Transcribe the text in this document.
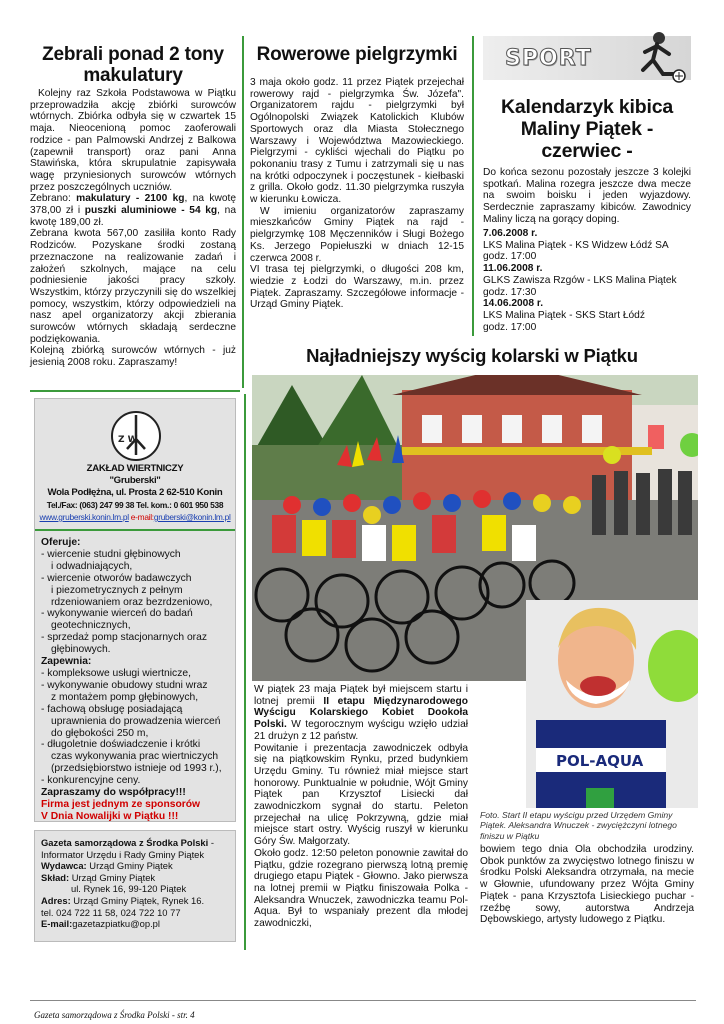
Zebrali ponad 2 tony makulatury

Kolejny raz Szkoła Podstawowa w Piątku przeprowadziła akcję zbiórki surowców wtórnych. Zbiórka odbyła się w czwartek 15 maja. Nieocenioną pomoc zaoferowali rodzice - pan Palmowski Andrzej z Balkowa (zapewnił transport) oraz pani Anna Stawińska, która skrupulatnie zapisywała wagę przyniesionych surowców wtórnych przez poszczególnych uczniów.

Zebrano: makulatury - 2100 kg, na kwotę 378,00 zł i puszki aluminiowe - 54 kg, na kwotę 189,00 zł.

Zebrana kwota 567,00 zasiliła konto Rady Rodziców. Pozyskane środki zostaną przeznaczone na realizowanie zadań i założeń szkolnych, mające na celu podniesienie jakości pracy szkoły. Wszystkim, którzy przyczynili się do wszelkiej pomocy, wszystkim, którzy odpowiedzieli na nasz apel organizatorzy akcji zbierania surowców wtórnych składają serdeczne podziękowania.

Kolejną zbiórką surowców wtórnych - już jesienią 2008 roku. Zapraszamy!

Rowerowe pielgrzymki

3 maja około godz. 11 przez Piątek przejechał rowerowy rajd - pielgrzymka Św. Józefa". Organizatorem rajdu - pielgrzymki był Ogólnopolski Związek Katolickich Klubów Sportowych oraz dla Miasta Stołecznego Warszawy i Województwa Mazowieckiego. Pielgrzymi - cykliści wjechali do Piątku po pokonaniu trasy z Tumu i zatrzymali się u nas na krótki odpoczynek i poczęstunek - kiełbaski z grilla. Około godz. 11.30 pielgrzymka ruszyła w kierunku Łowicza.

W imieniu organizatorów zapraszamy mieszkańców Gminy Piątek na rajd - pielgrzymkę 108 Męczenników i Sługi Bożego Ks. Jerzego Popiełuszki w dniach 12-15 czerwca 2008 r.

VI trasa tej pielgrzymki, o długości 208 km, wiedzie z Łodzi do Warszawy, m.in. przez Piątek. Zapraszamy. Szczegółowe informacje - Urząd Gminy Piątek.

SPORT
Kalendarzyk kibica Maliny Piątek - czerwiec -
Do końca sezonu pozostały jeszcze 3 kolejki spotkań. Malina rozegra jeszcze dwa mecze na swoim boisku i jeden wyjazdowy. Serdecznie zapraszamy kibiców. Zawodnicy Maliny liczą na gorący doping.
7.06.2008 r.
LKS Malina Piątek - KS Widzew Łódź SA
godz. 17:00
11.06.2008 r.
GLKS Zawisza Rzgów - LKS Malina Piątek
godz. 17:30
14.06.2008 r.
LKS Malina Piątek - SKS Start Łódź
godz. 17:00
Najładniejszy wyścig kolarski w Piątku
POL-AQUA

W piątek 23 maja Piątek był miejscem startu i lotnej premii II etapu Międzynarodowego Wyścigu Kolarskiego Kobiet Dookoła Polski. W tegorocznym wyścigu wzięło udział 21 drużyn z 12 państw.

Powitanie i prezentacja zawodniczek odbyła się na piątkowskim Rynku, przed budynkiem Urzędu Gminy. Tu również miał miejsce start honorowy. Punktualnie w południe, Wójt Gminy Piątek pan Krzysztof Lisiecki dał zawodniczkom sygnał do startu. Peleton przejechał na ulicę Pokrzywną, gdzie miał miejsce start ostry. Wyścig ruszył w kierunku Góry Św. Małgorzaty.

Około godz. 12:50 peleton ponownie zawitał do Piątku, gdzie rozegrano pierwszą lotną premię drugiego etapu Piątek - Głowno. Jako pierwsza na lotnej premii w Piątku finiszowała Polka - Aleksandra Wnuczek, zawodniczka teamu Pol-Aqua. Był to wspaniały prezent dla młodej zawodniczki,

Foto. Start II etapu wyścigu przed Urzędem Gminy Piątek. Aleksandra Wnuczek - zwyciężczyni lotnego finiszu w Piątku
bowiem tego dnia Ola obchodziła urodziny. Obok punktów za zwycięstwo lotnego finiszu w środku Polski Aleksandra otrzymała, na mecie w Głownie, ufundowany przez Wójta Gminy Piątek - pana Krzysztofa Lisieckiego puchar - rzeźbę sowy, autorstwa Andrzeja Dębowskiego, artysty ludowego z Piątku.
Z W
ZAKŁAD WIERTNICZY
"Gruberski"
Wola Podłężna, ul. Prosta 2 62-510 Konin
Tel./Fax: (063) 247 99 38 Tel. kom.: 0 601 950 538
www.gruberski.konin.lm.pl e-mail:gruberski@konin.lm.pl
Oferuje:
- wiercenie studni głębinowych
i odwadniających,
- wiercenie otworów badawczych
i piezometrycznych z pełnym
rdzeniowaniem oraz bezrdzeniowo,
- wykonywanie wierceń do badań
geotechnicznych,
- sprzedaż pomp stacjonarnych oraz
głębinowych.
Zapewnia:
- kompleksowe usługi wiertnicze,
- wykonywanie obudowy studni wraz
z montażem pomp głębinowych,
- fachową obsługę posiadającą
uprawnienia do prowadzenia wierceń
do głębokości 250 m,
- długoletnie doświadczenie i krótki
czas wykonywania prac wiertniczych
(przedsiębiorstwo istnieje od 1993 r.),
- konkurencyjne ceny.
Zapraszamy do współpracy!!!
Firma jest jednym ze sponsorów
V Dnia Nowalijki w Piątku !!!
Gazeta samorządowa z Środka Polski - Informator Urzędu i Rady Gminy Piątek
Wydawca: Urząd Gminy Piątek
Skład: Urząd Gminy Piątek
ul. Rynek 16, 99-120 Piątek
Adres: Urząd Gminy Piątek, Rynek 16.
tel. 024 722 11 58, 024 722 10 77
E-mail:gazetazpiatku@op.pl
Gazeta samorządowa z Środka Polski - str. 4
